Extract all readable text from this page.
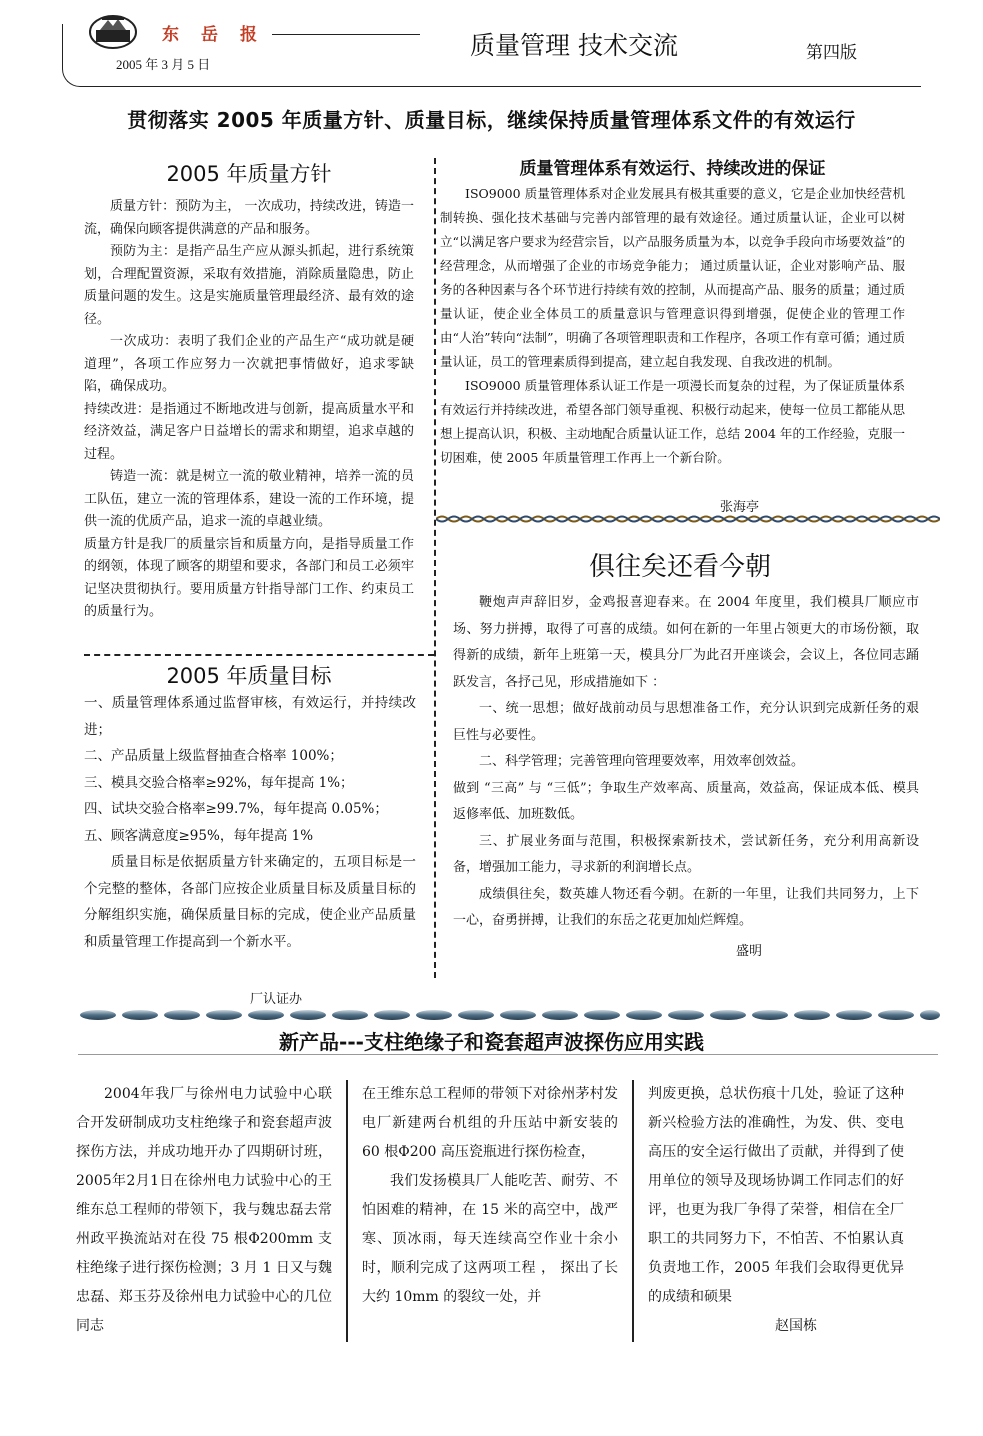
东岳报
2005 年 3 月 5 日
质量管理 技术交流	第四版
贯彻落实 2005 年质量方针、质量目标，继续保持质量管理体系文件的有效运行
2005 年质量方针

质量方针：预防为主， 一次成功，持续改进，铸造一流，确保向顾客提供满意的产品和服务。

预防为主：是指产品生产应从源头抓起，进行系统策划，合理配置资源，采取有效措施，消除质量隐患，防止质量问题的发生。这是实施质量管理最经济、最有效的途径。

一次成功：表明了我们企业的产品生产“成功就是硬道理”，各项工作应努力一次就把事情做好，追求零缺陷，确保成功。

持续改进：是指通过不断地改进与创新，提高质量水平和经济效益，满足客户日益增长的需求和期望，追求卓越的过程。

铸造一流：就是树立一流的敬业精神，培养一流的员工队伍，建立一流的管理体系，建设一流的工作环境，提供一流的优质产品，追求一流的卓越业绩。

质量方针是我厂的质量宗旨和质量方向，是指导质量工作的纲领，体现了顾客的期望和要求，各部门和员工必须牢记坚决贯彻执行。要用质量方针指导部门工作、约束员工的质量行为。

2005 年质量目标

一、质量管理体系通过监督审核，有效运行，并持续改进；

二、产品质量上级监督抽查合格率 100%；

三、模具交验合格率≥92%，每年提高 1%；

四、试块交验合格率≥99.7%，每年提高 0.05%；

五、顾客满意度≥95%，每年提高 1%

质量目标是依据质量方针来确定的，五项目标是一个完整的整体，各部门应按企业质量目标及质量目标的分解组织实施，确保质量目标的完成，使企业产品质量和质量管理工作提高到一个新水平。

厂认证办
质量管理体系有效运行、持续改进的保证

ISO9000 质量管理体系对企业发展具有极其重要的意义，它是企业加快经营机制转换、强化技术基础与完善内部管理的最有效途径。通过质量认证，企业可以树立“以满足客户要求为经营宗旨，以产品服务质量为本，以竞争手段向市场要效益”的经营理念，从而增强了企业的市场竞争能力； 通过质量认证，企业对影响产品、服务的各种因素与各个环节进行持续有效的控制，从而提高产品、服务的质量；通过质量认证，使企业全体员工的质量意识与管理意识得到增强，促使企业的管理工作由“人治”转向“法制”，明确了各项管理职责和工作程序，各项工作有章可循；通过质量认证，员工的管理素质得到提高，建立起自我发现、自我改进的机制。

ISO9000 质量管理体系认证工作是一项漫长而复杂的过程，为了保证质量体系有效运行并持续改进，希望各部门领导重视、积极行动起来，使每一位员工都能从思想上提高认识，积极、主动地配合质量认证工作，总结 2004 年的工作经验，克服一切困难，使 2005 年质量管理工作再上一个新台阶。

张海亭
俱往矣还看今朝

鞭炮声声辞旧岁，金鸡报喜迎春来。在 2004 年度里，我们模具厂顺应市场、努力拼搏，取得了可喜的成绩。如何在新的一年里占领更大的市场份额，取得新的成绩，新年上班第一天，模具分厂为此召开座谈会，会议上，各位同志踊跃发言，各抒己见，形成措施如下 ：

一、统一思想；做好战前动员与思想准备工作，充分认识到完成新任务的艰巨性与必要性。

二、科学管理；完善管理向管理要效率，用效率创效益。

做到 “三高” 与 “三低”；争取生产效率高、质量高，效益高，保证成本低、模具返修率低、加班数低。

三、扩展业务面与范围，积极探索新技术，尝试新任务，充分利用高新设备，增强加工能力，寻求新的利润增长点。

成绩俱往矣，数英雄人物还看今朝。在新的一年里，让我们共同努力，上下一心，奋勇拼搏，让我们的东岳之花更加灿烂辉煌。

盛明
新产品---支柱绝缘子和瓷套超声波探伤应用实践

2004年我厂与徐州电力试验中心联合开发研制成功支柱绝缘子和瓷套超声波探伤方法，并成功地开办了四期研讨班，2005年2月1日在徐州电力试验中心的王维东总工程师的带领下，我与魏忠磊去常州政平换流站对在役 75 根Φ200mm 支柱绝缘子进行探伤检测；3 月 1 日又与魏忠磊、郑玉芬及徐州电力试验中心的几位同志

在王维东总工程师的带领下对徐州茅村发电厂新建两台机组的升压站中新安装的 60 根Φ200 高压瓷瓶进行探伤检查，

我们发扬模具厂人能吃苦、耐劳、不怕困难的精神，在 15 米的高空中，战严寒、顶冰雨，每天连续高空作业十余小时，顺利完成了这两项工程 ， 探出了长大约 10mm 的裂纹一处，并

判废更换，总状伤痕十几处，验证了这种新兴检验方法的准确性，为发、供、变电高压的安全运行做出了贡献，并得到了使用单位的领导及现场协调工作同志们的好评，也更为我厂争得了荣誉，相信在全厂职工的共同努力下，不怕苦、不怕累认真负责地工作，2005 年我们会取得更优异的成绩和硕果

赵国栋
